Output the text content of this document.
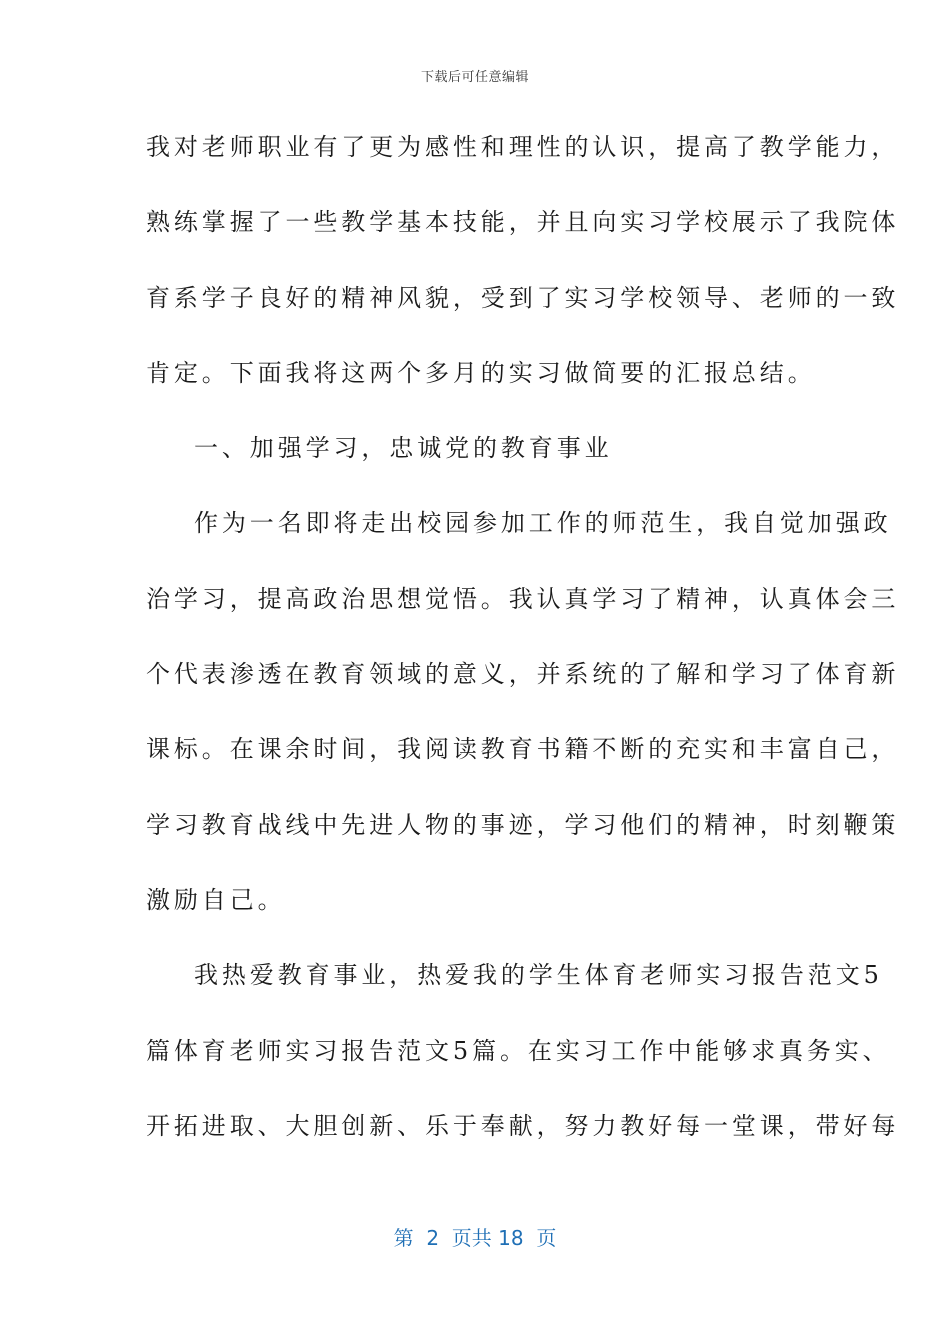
下载后可任意编辑
我对老师职业有了更为感性和理性的认识，提高了教学能力，
熟练掌握了一些教学基本技能，并且向实习学校展示了我院体
育系学子良好的精神风貌，受到了实习学校领导、老师的一致
肯定。下面我将这两个多月的实习做简要的汇报总结。
一、加强学习，忠诚党的教育事业
作为一名即将走出校园参加工作的师范生，我自觉加强政
治学习，提高政治思想觉悟。我认真学习了精神，认真体会三
个代表渗透在教育领域的意义，并系统的了解和学习了体育新
课标。在课余时间，我阅读教育书籍不断的充实和丰富自己，
学习教育战线中先进人物的事迹，学习他们的精神，时刻鞭策
激励自己。
我热爱教育事业，热爱我的学生体育老师实习报告范文5
篇体育老师实习报告范文5篇。在实习工作中能够求真务实、
开拓进取、大胆创新、乐于奉献，努力教好每一堂课，带好每
第  2  页共 18  页
